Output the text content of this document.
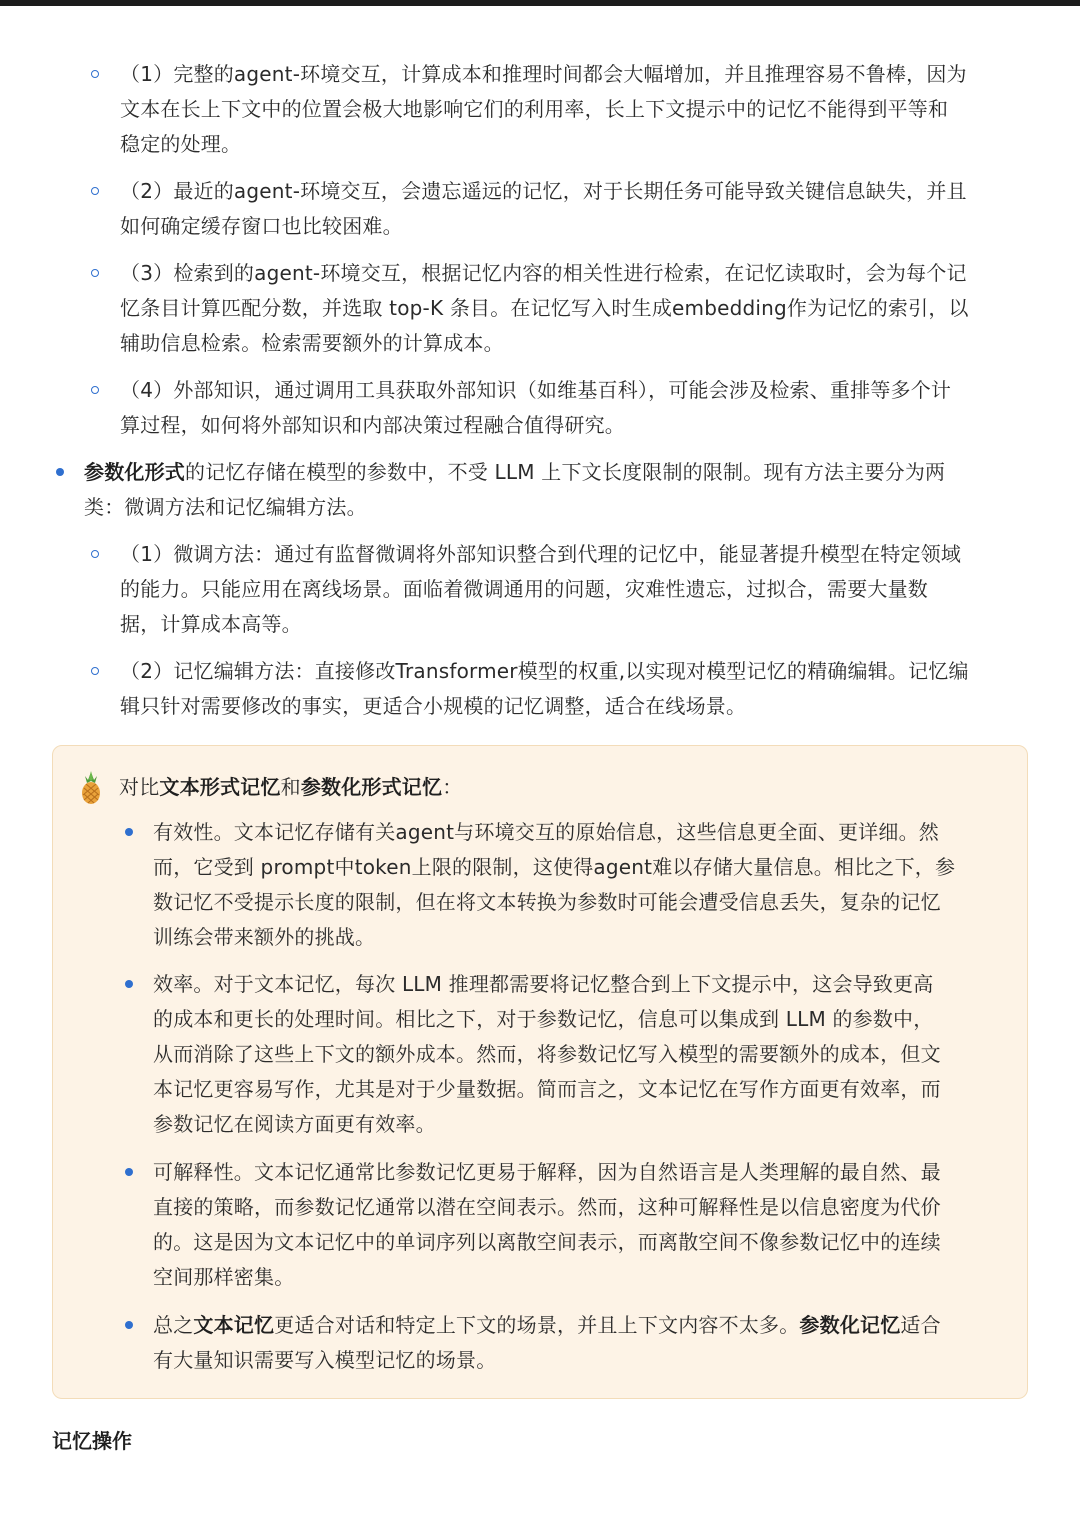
（1）完整的agent-环境交互，计算成本和推理时间都会大幅增加，并且推理容易不鲁棒，因为
文本在长上下文中的位置会极大地影响它们的利用率，长上下文提示中的记忆不能得到平等和
稳定的处理。
（2）最近的agent-环境交互，会遗忘遥远的记忆，对于长期任务可能导致关键信息缺失，并且
如何确定缓存窗口也比较困难。
（3）检索到的agent-环境交互，根据记忆内容的相关性进行检索，在记忆读取时，会为每个记
忆条目计算匹配分数，并选取 top-K 条目。在记忆写入时生成embedding作为记忆的索引，以
辅助信息检索。检索需要额外的计算成本。
（4）外部知识，通过调用工具获取外部知识（如维基百科），可能会涉及检索、重排等多个计
算过程，如何将外部知识和内部决策过程融合值得研究。
参数化形式的记忆存储在模型的参数中，不受 LLM 上下文长度限制的限制。现有方法主要分为两
类：微调方法和记忆编辑方法。
（1）微调方法：通过有监督微调将外部知识整合到代理的记忆中，能显著提升模型在特定领域
的能力。只能应用在离线场景。面临着微调通用的问题，灾难性遗忘，过拟合，需要大量数
据，计算成本高等。
（2）记忆编辑方法：直接修改Transformer模型的权重,以实现对模型记忆的精确编辑。记忆编
辑只针对需要修改的事实，更适合小规模的记忆调整，适合在线场景。
对比文本形式记忆和参数化形式记忆：
有效性。文本记忆存储有关agent与环境交互的原始信息，这些信息更全面、更详细。然
而，它受到 prompt中token上限的限制，这使得agent难以存储大量信息。相比之下，参
数记忆不受提示长度的限制，但在将文本转换为参数时可能会遭受信息丢失，复杂的记忆
训练会带来额外的挑战。
效率。对于文本记忆，每次 LLM 推理都需要将记忆整合到上下文提示中，这会导致更高
的成本和更长的处理时间。相比之下，对于参数记忆，信息可以集成到 LLM 的参数中，
从而消除了这些上下文的额外成本。然而，将参数记忆写入模型的需要额外的成本，但文
本记忆更容易写作，尤其是对于少量数据。简而言之，文本记忆在写作方面更有效率，而
参数记忆在阅读方面更有效率。
可解释性。文本记忆通常比参数记忆更易于解释，因为自然语言是人类理解的最自然、最
直接的策略，而参数记忆通常以潜在空间表示。然而，这种可解释性是以信息密度为代价
的。这是因为文本记忆中的单词序列以离散空间表示，而离散空间不像参数记忆中的连续
空间那样密集。
总之文本记忆更适合对话和特定上下文的场景，并且上下文内容不太多。参数化记忆适合
有大量知识需要写入模型记忆的场景。
记忆操作
